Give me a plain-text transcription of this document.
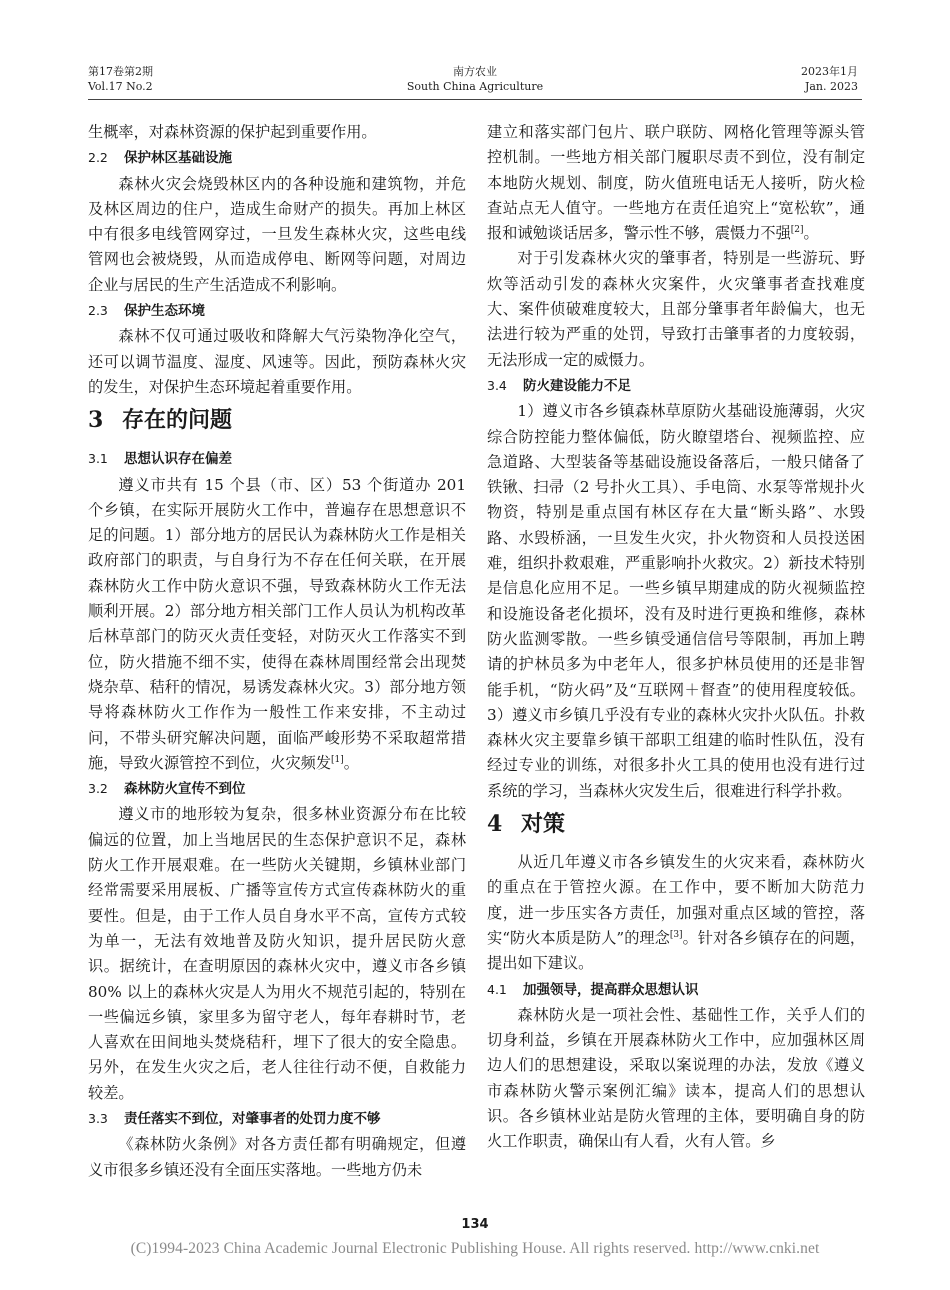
第17卷第2期
Vol.17 No.2
南方农业
South China Agriculture
2023年1月
Jan. 2023

生概率，对森林资源的保护起到重要作用。

2.2 保护林区基础设施

森林火灾会烧毁林区内的各种设施和建筑物，并危及林区周边的住户，造成生命财产的损失。再加上林区中有很多电线管网穿过，一旦发生森林火灾，这些电线管网也会被烧毁，从而造成停电、断网等问题，对周边企业与居民的生产生活造成不利影响。

2.3 保护生态环境

森林不仅可通过吸收和降解大气污染物净化空气，还可以调节温度、湿度、风速等。因此，预防森林火灾的发生，对保护生态环境起着重要作用。

3 存在的问题
3.1 思想认识存在偏差

遵义市共有 15 个县（市、区）53 个街道办 201 个乡镇，在实际开展防火工作中，普遍存在思想意识不足的问题。1）部分地方的居民认为森林防火工作是相关政府部门的职责，与自身行为不存在任何关联，在开展森林防火工作中防火意识不强，导致森林防火工作无法顺利开展。2）部分地方相关部门工作人员认为机构改革后林草部门的防灭火责任变轻，对防灭火工作落实不到位，防火措施不细不实，使得在森林周围经常会出现焚烧杂草、秸秆的情况，易诱发森林火灾。3）部分地方领导将森林防火工作作为一般性工作来安排，不主动过问，不带头研究解决问题，面临严峻形势不采取超常措施，导致火源管控不到位，火灾频发[1]。

3.2 森林防火宣传不到位

遵义市的地形较为复杂，很多林业资源分布在比较偏远的位置，加上当地居民的生态保护意识不足，森林防火工作开展艰难。在一些防火关键期，乡镇林业部门经常需要采用展板、广播等宣传方式宣传森林防火的重要性。但是，由于工作人员自身水平不高，宣传方式较为单一，无法有效地普及防火知识，提升居民防火意识。据统计，在查明原因的森林火灾中，遵义市各乡镇 80% 以上的森林火灾是人为用火不规范引起的，特别在一些偏远乡镇，家里多为留守老人，每年春耕时节，老人喜欢在田间地头焚烧秸秆，埋下了很大的安全隐患。另外，在发生火灾之后，老人往往行动不便，自救能力较差。

3.3 责任落实不到位，对肇事者的处罚力度不够

《森林防火条例》对各方责任都有明确规定，但遵义市很多乡镇还没有全面压实落地。一些地方仍未

建立和落实部门包片、联户联防、网格化管理等源头管控机制。一些地方相关部门履职尽责不到位，没有制定本地防火规划、制度，防火值班电话无人接听，防火检查站点无人值守。一些地方在责任追究上“宽松软”，通报和诫勉谈话居多，警示性不够，震慑力不强[2]。

对于引发森林火灾的肇事者，特别是一些游玩、野炊等活动引发的森林火灾案件，火灾肇事者查找难度大、案件侦破难度较大，且部分肇事者年龄偏大，也无法进行较为严重的处罚，导致打击肇事者的力度较弱，无法形成一定的威慑力。

3.4 防火建设能力不足

1）遵义市各乡镇森林草原防火基础设施薄弱，火灾综合防控能力整体偏低，防火瞭望塔台、视频监控、应急道路、大型装备等基础设施设备落后，一般只储备了铁锹、扫帚（2 号扑火工具）、手电筒、水泵等常规扑火物资，特别是重点国有林区存在大量“断头路”、水毁路、水毁桥涵，一旦发生火灾，扑火物资和人员投送困难，组织扑救艰难，严重影响扑火救灾。2）新技术特别是信息化应用不足。一些乡镇早期建成的防火视频监控和设施设备老化损坏，没有及时进行更换和维修，森林防火监测零散。一些乡镇受通信信号等限制，再加上聘请的护林员多为中老年人，很多护林员使用的还是非智能手机，“防火码”及“互联网＋督查”的使用程度较低。3）遵义市乡镇几乎没有专业的森林火灾扑火队伍。扑救森林火灾主要靠乡镇干部职工组建的临时性队伍，没有经过专业的训练，对很多扑火工具的使用也没有进行过系统的学习，当森林火灾发生后，很难进行科学扑救。

4 对策

从近几年遵义市各乡镇发生的火灾来看，森林防火的重点在于管控火源。在工作中，要不断加大防范力度，进一步压实各方责任，加强对重点区域的管控，落实“防火本质是防人”的理念[3]。针对各乡镇存在的问题，提出如下建议。

4.1 加强领导，提高群众思想认识

森林防火是一项社会性、基础性工作，关乎人们的切身利益，乡镇在开展森林防火工作中，应加强林区周边人们的思想建设，采取以案说理的办法，发放《遵义市森林防火警示案例汇编》读本，提高人们的思想认识。各乡镇林业站是防火管理的主体，要明确自身的防火工作职责，确保山有人看，火有人管。乡

134
(C)1994-2023 China Academic Journal Electronic Publishing House. All rights reserved. http://www.cnki.net
